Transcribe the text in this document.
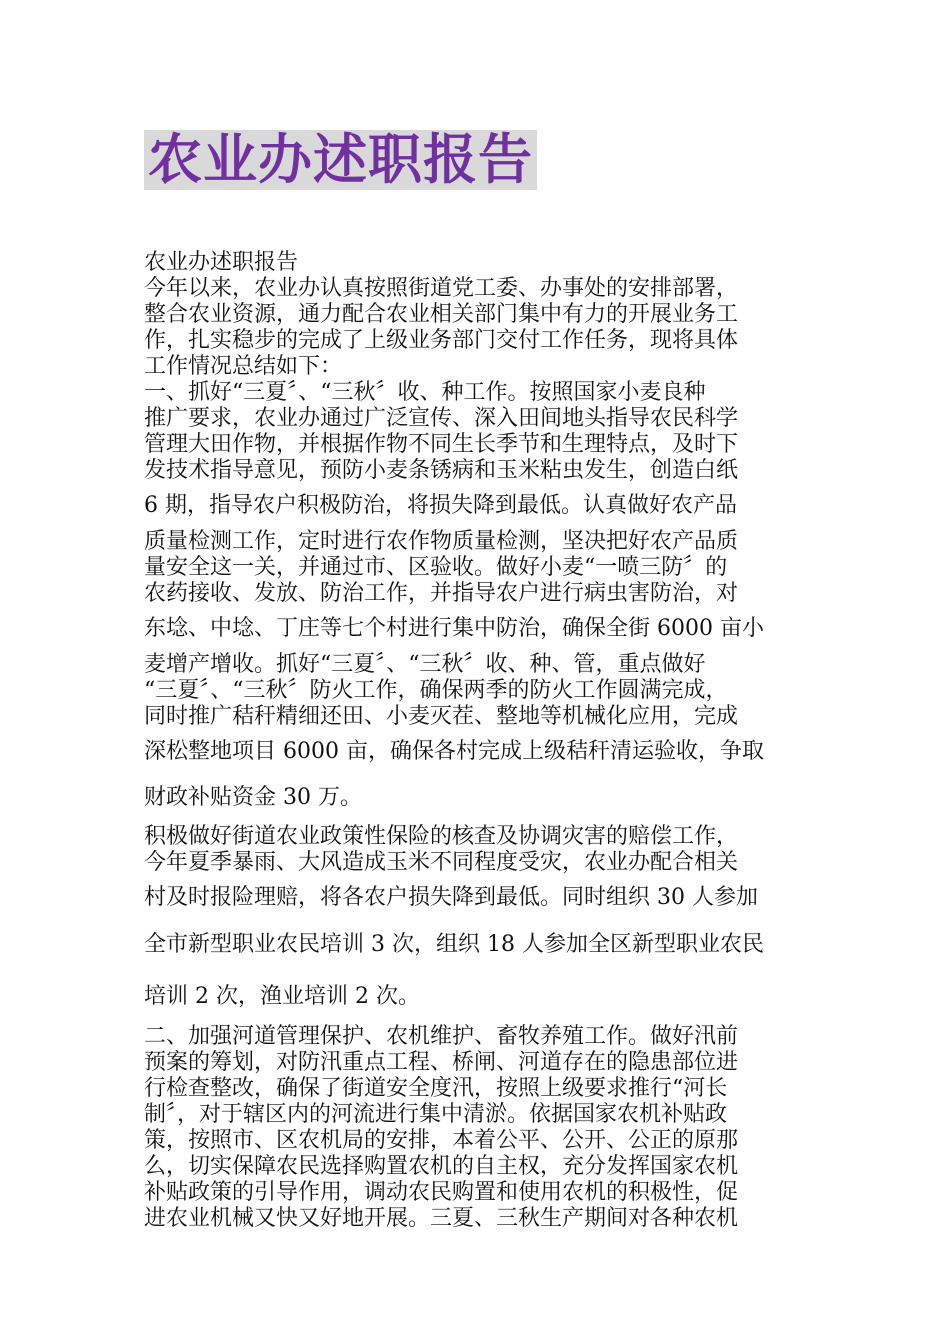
农业办述职报告
农业办述职报告
今年以来，农业办认真按照街道党工委、办事处的安排部署，
整合农业资源，通力配合农业相关部门集中有力的开展业务工
作，扎实稳步的完成了上级业务部门交付工作任务，现将具体
工作情况总结如下：
一、抓好“三夏〞、“三秋〞收、种工作。按照国家小麦良种
推广要求，农业办通过广泛宣传、深入田间地头指导农民科学
管理大田作物，并根据作物不同生长季节和生理特点，及时下
发技术指导意见，预防小麦条锈病和玉米粘虫发生，创造白纸
6 期，指导农户积极防治，将损失降到最低。认真做好农产品
质量检测工作，定时进行农作物质量检测，坚决把好农产品质
量安全这一关，并通过市、区验收。做好小麦“一喷三防〞的
农药接收、发放、防治工作，并指导农户进行病虫害防治，对
东埝、中埝、丁庄等七个村进行集中防治，确保全街 6000 亩小
麦增产增收。抓好“三夏〞、“三秋〞收、种、管，重点做好
“三夏〞、“三秋〞防火工作，确保两季的防火工作圆满完成，
同时推广秸秆精细还田、小麦灭茬、整地等机械化应用，完成
深松整地项目 6000 亩，确保各村完成上级秸秆清运验收，争取
财政补贴资金 30 万。
积极做好街道农业政策性保险的核查及协调灾害的赔偿工作，
今年夏季暴雨、大风造成玉米不同程度受灾，农业办配合相关
村及时报险理赔，将各农户损失降到最低。同时组织 30 人参加
全市新型职业农民培训 3 次，组织 18 人参加全区新型职业农民
培训 2 次，渔业培训 2 次。
二、加强河道管理保护、农机维护、畜牧养殖工作。做好汛前
预案的筹划，对防汛重点工程、桥闸、河道存在的隐患部位进
行检查整改，确保了街道安全度汛，按照上级要求推行“河长
制〞，对于辖区内的河流进行集中清淤。依据国家农机补贴政
策，按照市、区农机局的安排，本着公平、公开、公正的原那
么，切实保障农民选择购置农机的自主权，充分发挥国家农机
补贴政策的引导作用，调动农民购置和使用农机的积极性，促
进农业机械又快又好地开展。三夏、三秋生产期间对各种农机
